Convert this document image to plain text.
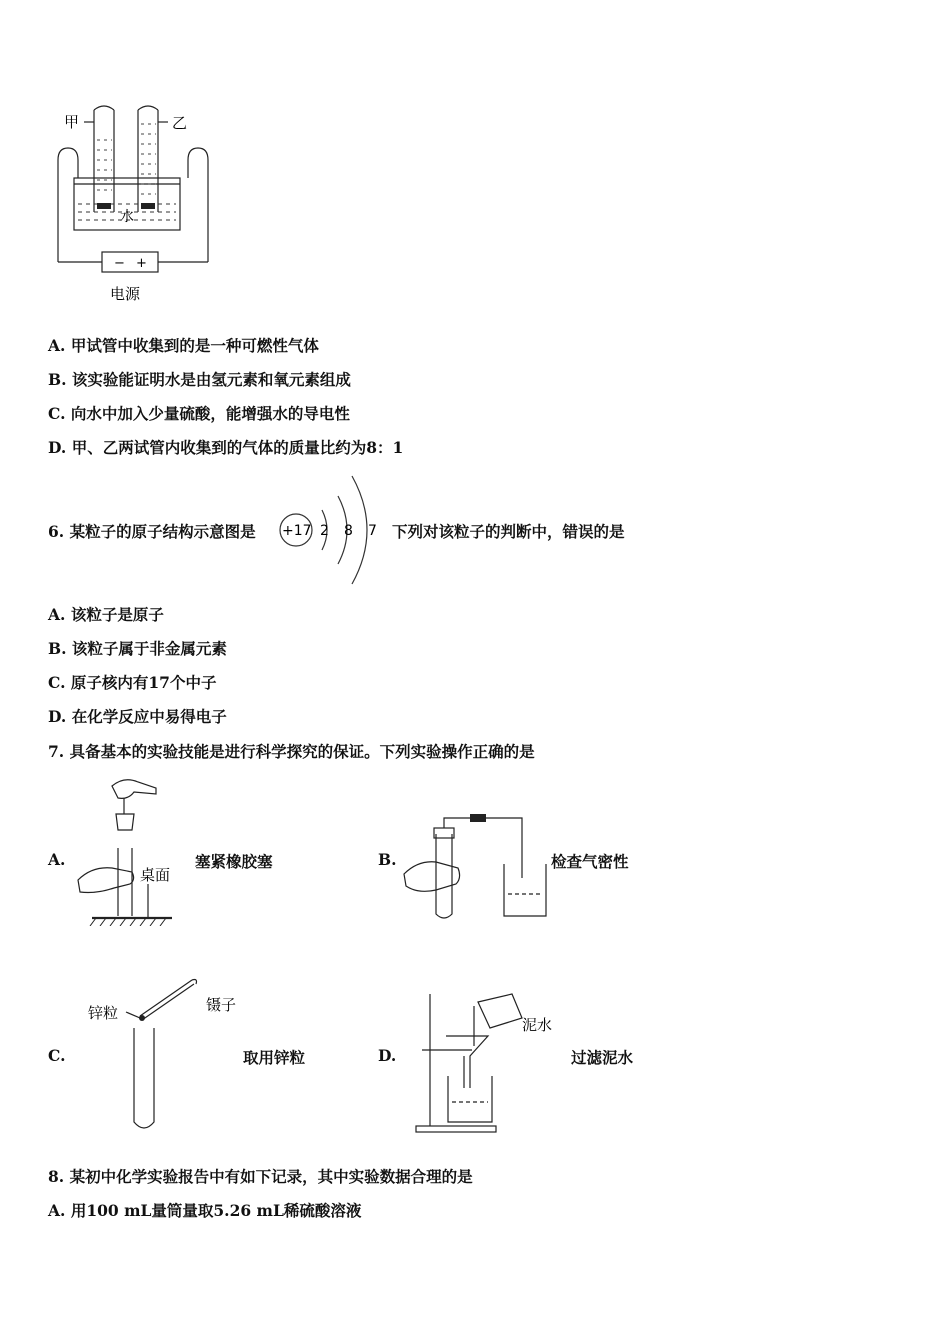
甲	乙
水
− +
电源
A. 甲试管中收集到的是一种可燃性气体
B. 该实验能证明水是由氢元素和氧元素组成
C. 向水中加入少量硫酸，能增强水的导电性
D. 甲、乙两试管内收集到的气体的质量比约为8：1
6. 某粒子的原子结构示意图是 +17 2 8 7 下列对该粒子的判断中，错误的是
A. 该粒子是原子
B. 该粒子属于非金属元素
C. 原子核内有17个中子
D. 在化学反应中易得电子
7. 具备基本的实验技能是进行科学探究的保证。下列实验操作正确的是
A.
桌面
塞紧橡胶塞	B.	检查气密性
C.
锌粒	镊子
取用锌粒	D.
泥水
过滤泥水
8. 某初中化学实验报告中有如下记录，其中实验数据合理的是
A. 用100 mL量筒量取5.26 mL稀硫酸溶液
